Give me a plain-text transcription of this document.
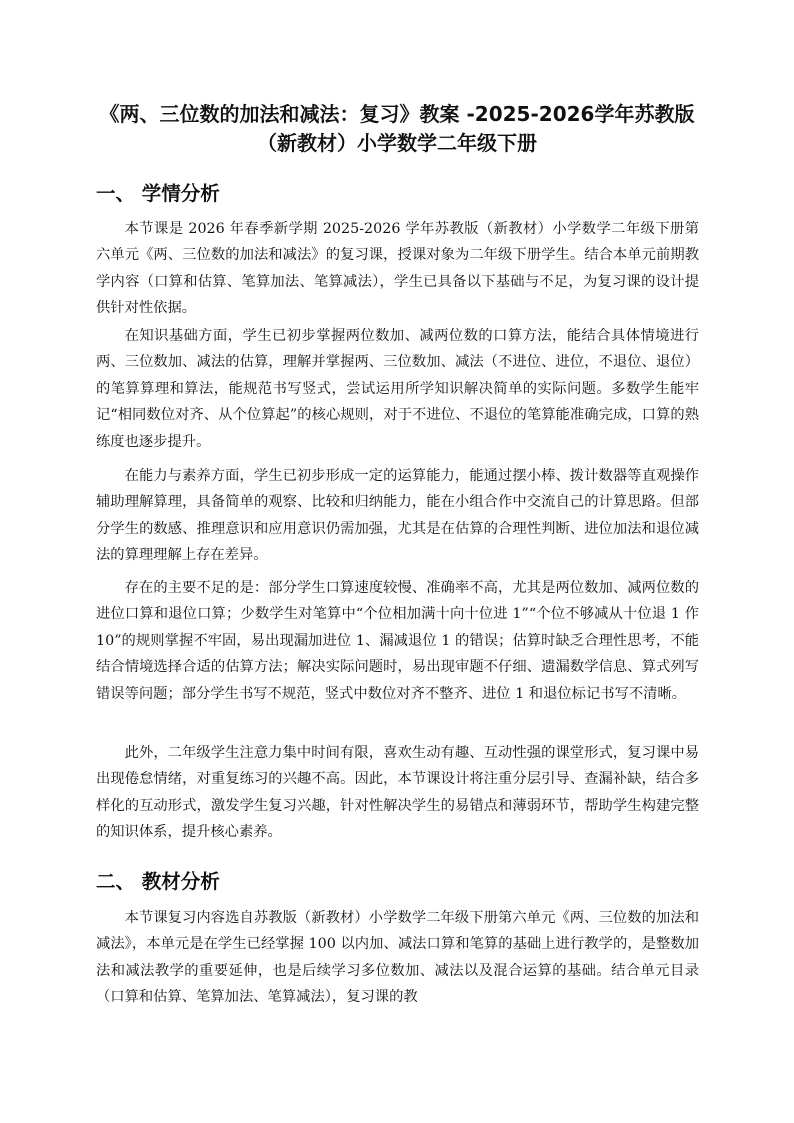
《两、三位数的加法和减法：复习》教案 -2025-2026学年苏教版（新教材）小学数学二年级下册
一、 学情分析

本节课是 2026 年春季新学期 2025-2026 学年苏教版（新教材）小学数学二年级下册第六单元《两、三位数的加法和减法》的复习课，授课对象为二年级下册学生。结合本单元前期教学内容（口算和估算、笔算加法、笔算减法），学生已具备以下基础与不足，为复习课的设计提供针对性依据。

在知识基础方面，学生已初步掌握两位数加、减两位数的口算方法，能结合具体情境进行两、三位数加、减法的估算，理解并掌握两、三位数加、减法（不进位、进位，不退位、退位）的笔算算理和算法，能规范书写竖式，尝试运用所学知识解决简单的实际问题。多数学生能牢记“相同数位对齐、从个位算起”的核心规则，对于不进位、不退位的笔算能准确完成，口算的熟练度也逐步提升。

在能力与素养方面，学生已初步形成一定的运算能力，能通过摆小棒、拨计数器等直观操作辅助理解算理，具备简单的观察、比较和归纳能力，能在小组合作中交流自己的计算思路。但部分学生的数感、推理意识和应用意识仍需加强，尤其是在估算的合理性判断、进位加法和退位减法的算理理解上存在差异。

存在的主要不足的是：部分学生口算速度较慢、准确率不高，尤其是两位数加、减两位数的进位口算和退位口算；少数学生对笔算中“个位相加满十向十位进 1”“个位不够减从十位退 1 作 10”的规则掌握不牢固，易出现漏加进位 1、漏减退位 1 的错误；估算时缺乏合理性思考，不能结合情境选择合适的估算方法；解决实际问题时，易出现审题不仔细、遗漏数学信息、算式列写错误等问题；部分学生书写不规范，竖式中数位对齐不整齐、进位 1 和退位标记书写不清晰。

此外，二年级学生注意力集中时间有限，喜欢生动有趣、互动性强的课堂形式，复习课中易出现倦怠情绪，对重复练习的兴趣不高。因此，本节课设计将注重分层引导、查漏补缺，结合多样化的互动形式，激发学生复习兴趣，针对性解决学生的易错点和薄弱环节，帮助学生构建完整的知识体系，提升核心素养。

二、 教材分析

本节课复习内容选自苏教版（新教材）小学数学二年级下册第六单元《两、三位数的加法和减法》，本单元是在学生已经掌握 100 以内加、减法口算和笔算的基础上进行教学的，是整数加法和减法教学的重要延伸，也是后续学习多位数加、减法以及混合运算的基础。结合单元目录（口算和估算、笔算加法、笔算减法），复习课的教
